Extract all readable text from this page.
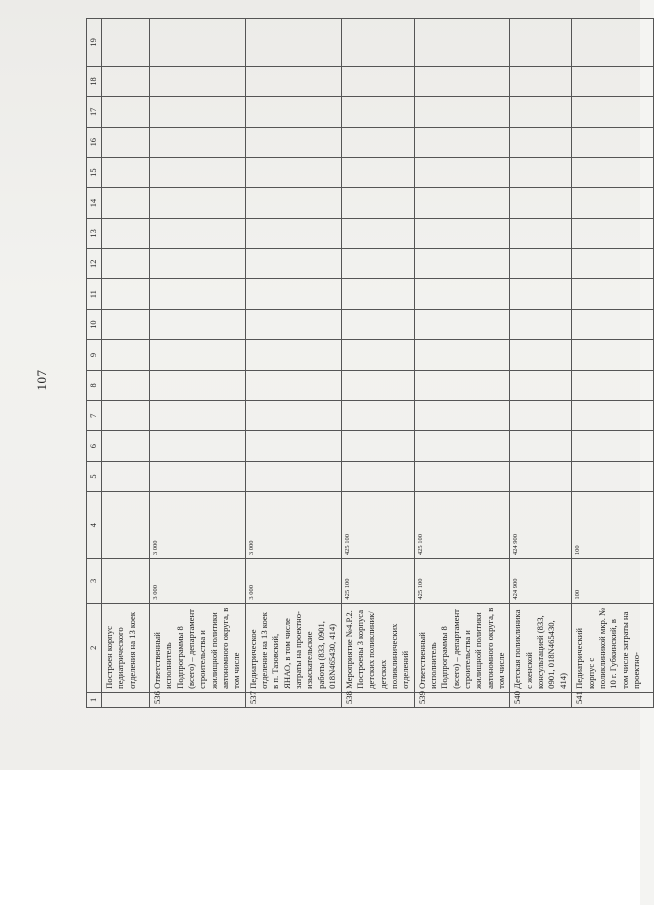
107
1	2	3	4	5	6	7	8	9	10	11	12	13	14	15	16	17	18	19
	Построен корпус педиатрического отделения на 13 коек																	
536	Ответственный исполнитель Подпрограммы 8 (всего) – департамент строительства и жилищной политики автономного округа, в том числе	3 000	3 000															
537	Педиатрическое отделение на 13 коек в п. Тазовский, ЯНАО, в том числе затраты на проектно-изыскательские работы (833, 0901, 018N465430, 414)	3 000	3 000															
538	Мероприятие №4.Р.2. Построены 3 корпуса детских поликлиник/детских поликлинических отделений	425 100	425 100															
539	Ответственный исполнитель Подпрограммы 8 (всего) – департамент строительства и жилищной политики автономного округа, в том числе	425 100	425 100															
540	Детская поликлиника с женской консультацией (833, 0901, 018N465430, 414)	424 900	424 900															
541	Педиатрический корпус с поликлиникой мкр. № 10 г. Губкинский, в том числе затраты на проектно-	100	100															
